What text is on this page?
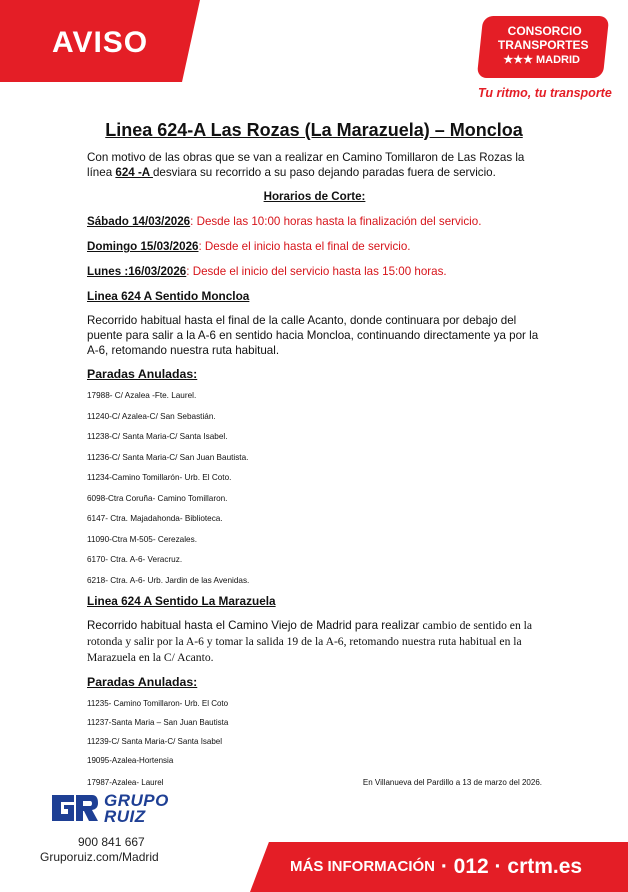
AVISO	CONSORCIO
TRANSPORTES
★★★ MADRID
Tu ritmo, tu transporte
Linea 624-A Las Rozas (La Marazuela) – Moncloa
Con motivo de las obras que se van a realizar en Camino Tomillaron de Las Rozas la línea 624 -A desviara su recorrido a su paso dejando paradas fuera de servicio.
Horarios de Corte:
Sábado 14/03/2026: Desde las 10:00 horas hasta la finalización del servicio.
Domingo 15/03/2026: Desde el inicio hasta el final de servicio.
Lunes :16/03/2026: Desde el inicio del servicio hasta las 15:00 horas.
Linea 624 A Sentido Moncloa
Recorrido habitual hasta el final de la calle Acanto, donde continuara por debajo del puente para salir a la A-6 en sentido hacia Moncloa, continuando directamente ya por la A-6, retomando nuestra ruta habitual.
Paradas Anuladas:
17988- C/ Azalea -Fte. Laurel.
11240-C/ Azalea-C/ San Sebastián.
11238-C/ Santa Maria-C/ Santa Isabel.
11236-C/ Santa Maria-C/ San Juan Bautista.
11234-Camino Tomillarón- Urb. El Coto.
6098-Ctra Coruña- Camino Tomillaron.
6147- Ctra. Majadahonda- Biblioteca.
11090-Ctra M-505- Cerezales.
6170- Ctra. A-6- Veracruz.
6218- Ctra. A-6- Urb. Jardin de las Avenidas.
Linea 624 A Sentido La Marazuela
Recorrido habitual hasta el Camino Viejo de Madrid para realizar cambio de sentido en la rotonda y salir por la A-6 y tomar la salida 19 de la A-6, retomando nuestra ruta habitual en la Marazuela en la C/ Acanto.
Paradas Anuladas:
11235- Camino Tomillaron- Urb. El Coto
11237-Santa Maria – San Juan Bautista
11239-C/ Santa Maria-C/ Santa Isabel
19095-Azalea-Hortensia
17987-Azalea- Laurel	En Villanueva del Pardillo a 13 de marzo del 2026.
GRUPO
RUIZ
900 841 667
Gruporuiz.com/Madrid
MÁS INFORMACIÓN · 012 · crtm.es
